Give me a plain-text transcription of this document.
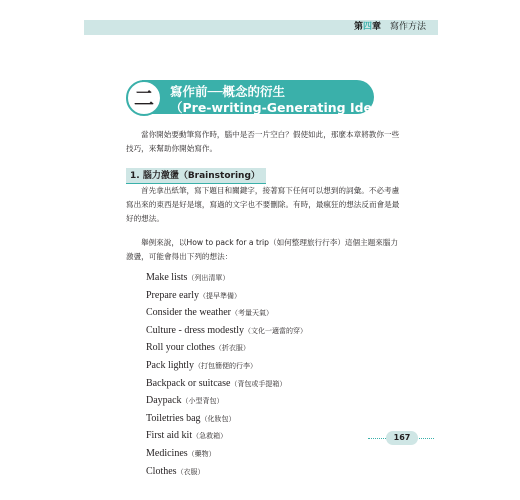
第四章 寫作方法
二	寫作前──概念的衍生
（Pre-writing-Generating Ideas）
當你開始要動筆寫作時，腦中是否一片空白？假使如此，那麼本章將教你一些技巧，來幫助你開始寫作。
1. 腦力激盪（Brainstoring）
首先拿出紙筆，寫下題目和關鍵字，接著寫下任何可以想到的詞彙。不必考慮寫出來的東西是好是壞，寫過的文字也不要刪除。有時，最瘋狂的想法反而會是最好的想法。
舉例來說，以How to pack for a trip（如何整理旅行行李）這個主題來腦力激盪，可能會得出下列的想法：
Make lists（列出清單）
Prepare early（提早準備）
Consider the weather（考量天氣）
Culture - dress modestly（文化一適當的穿）
Roll your clothes（折衣服）
Pack lightly（打包簡便的行李）
Backpack or suitcase（背包或手提箱）
Daypack（小型背包）
Toiletries bag（化妝包）
First aid kit（急救箱）
Medicines（藥物）
Clothes（衣服）
167
